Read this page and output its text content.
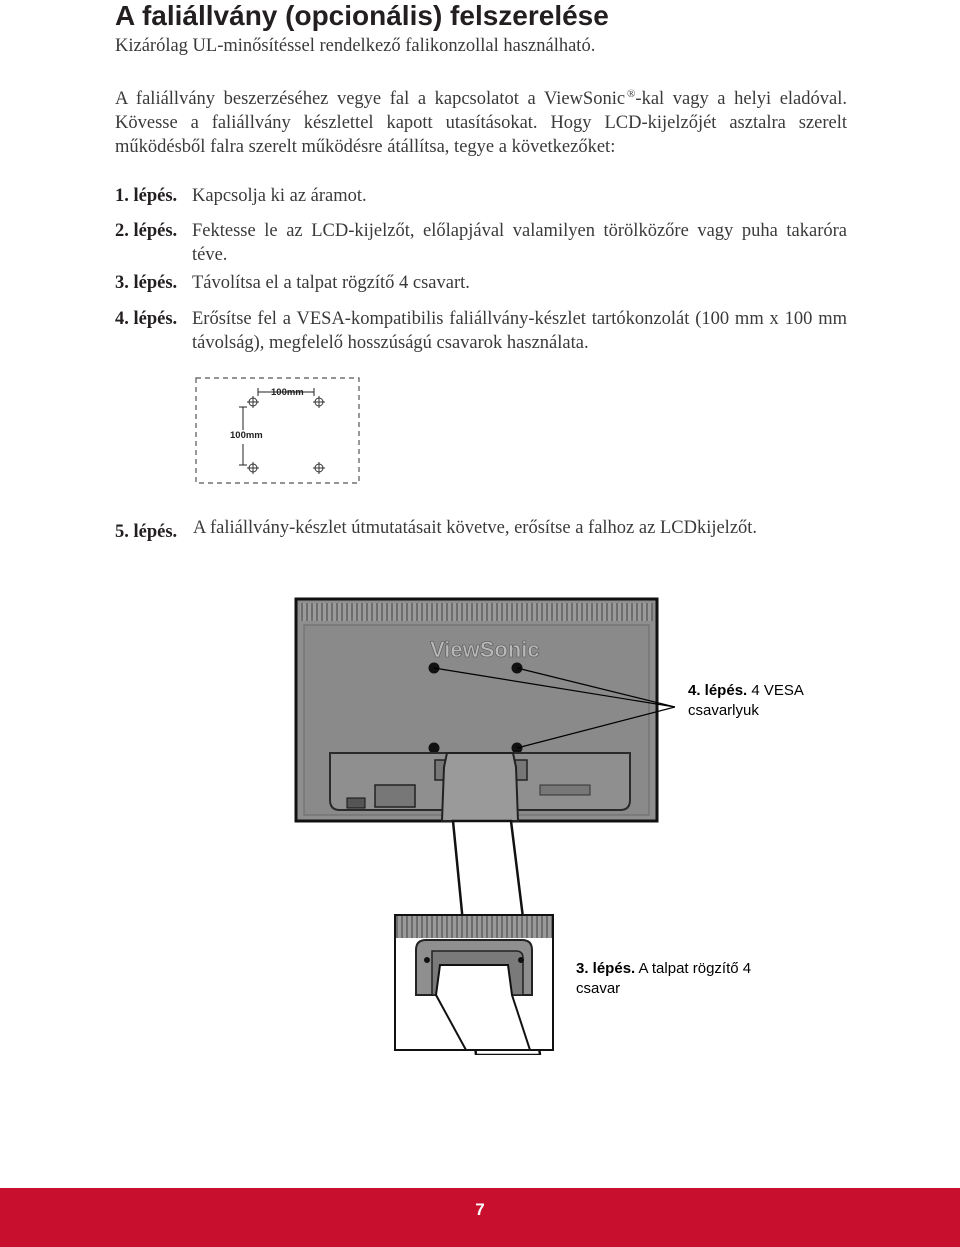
A faliállvány (opcionális) felszerelése

Kizárólag UL-minősítéssel rendelkező falikonzollal használható.

A faliállvány beszerzéséhez vegye fal a kapcsolatot a ViewSonic ®-kal vagy a helyi eladóval. Kövesse a faliállvány készlettel kapott utasításokat. Hogy LCD-kijelzőjét asztalra szerelt működésből falra szerelt működésre átállítsa, tegye a következőket:

1. lépés. Kapcsolja ki az áramot.
2. lépés. Fektesse le az LCD-kijelzőt, előlapjával valamilyen törölközőre vagy puha takaróra téve.
3. lépés. Távolítsa el a talpat rögzítő 4 csavart.
4. lépés. Erősítse fel a VESA-kompatibilis faliállvány-készlet tartókonzolát (100 mm x 100 mm távolság), megfelelő hosszúságú csavarok használata.
100mm
100mm
5. lépés. A faliállvány-készlet útmutatásait követve, erősítse a falhoz az LCDkijelzőt.
ViewSonic
4. lépés. 4 VESA csavarlyuk
3. lépés. A talpat rögzítő 4 csavar
7
